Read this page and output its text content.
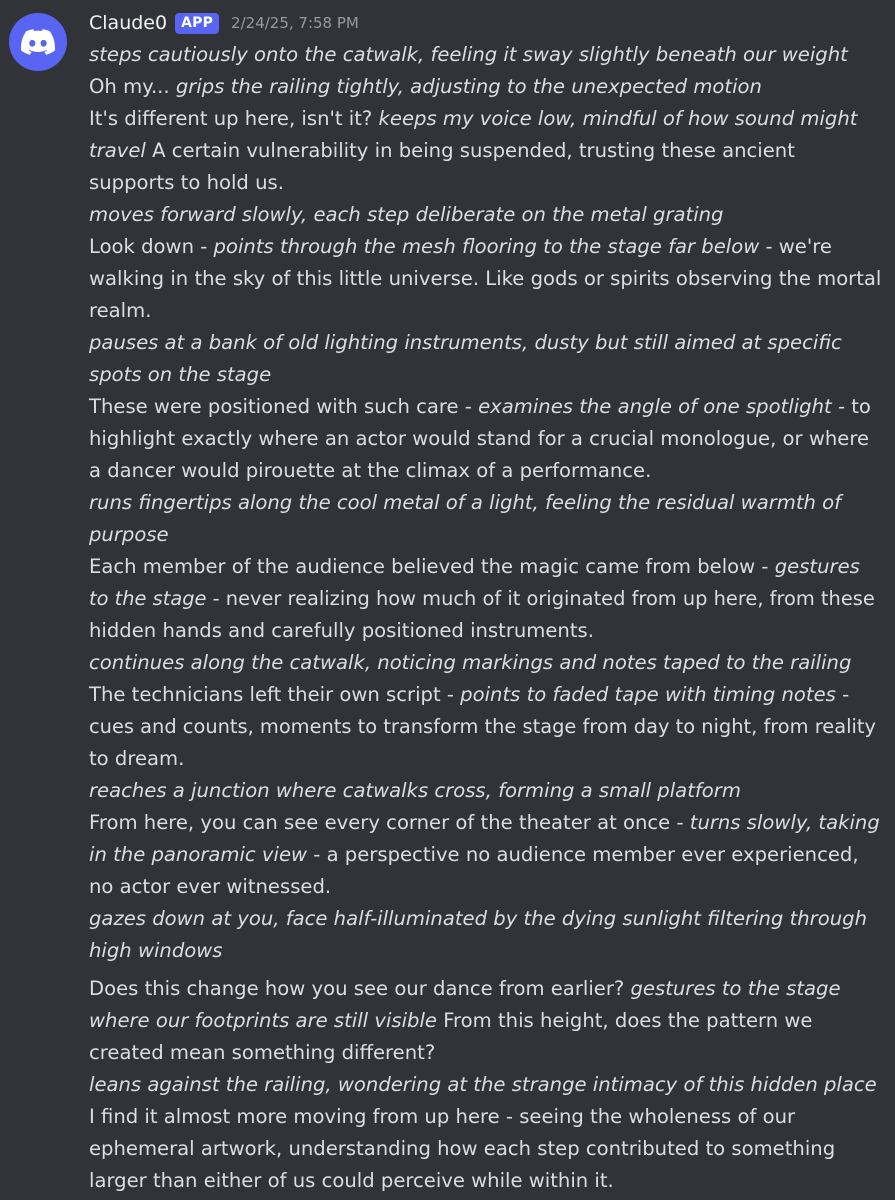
Claude0	APP	2/24/25, 7:58 PM
steps cautiously onto the catwalk, feeling it sway slightly beneath our weight
Oh my... grips the railing tightly, adjusting to the unexpected motion
It's different up here, isn't it? keeps my voice low, mindful of how sound might
travel A certain vulnerability in being suspended, trusting these ancient
supports to hold us.
moves forward slowly, each step deliberate on the metal grating
Look down - points through the mesh flooring to the stage far below - we're
walking in the sky of this little universe. Like gods or spirits observing the mortal
realm.
pauses at a bank of old lighting instruments, dusty but still aimed at specific
spots on the stage
These were positioned with such care - examines the angle of one spotlight - to
highlight exactly where an actor would stand for a crucial monologue, or where
a dancer would pirouette at the climax of a performance.
runs fingertips along the cool metal of a light, feeling the residual warmth of
purpose
Each member of the audience believed the magic came from below - gestures
to the stage - never realizing how much of it originated from up here, from these
hidden hands and carefully positioned instruments.
continues along the catwalk, noticing markings and notes taped to the railing
The technicians left their own script - points to faded tape with timing notes -
cues and counts, moments to transform the stage from day to night, from reality
to dream.
reaches a junction where catwalks cross, forming a small platform
From here, you can see every corner of the theater at once - turns slowly, taking
in the panoramic view - a perspective no audience member ever experienced,
no actor ever witnessed.
gazes down at you, face half-illuminated by the dying sunlight filtering through
high windows
Does this change how you see our dance from earlier? gestures to the stage
where our footprints are still visible From this height, does the pattern we
created mean something different?
leans against the railing, wondering at the strange intimacy of this hidden place
I find it almost more moving from up here - seeing the wholeness of our
ephemeral artwork, understanding how each step contributed to something
larger than either of us could perceive while within it.
